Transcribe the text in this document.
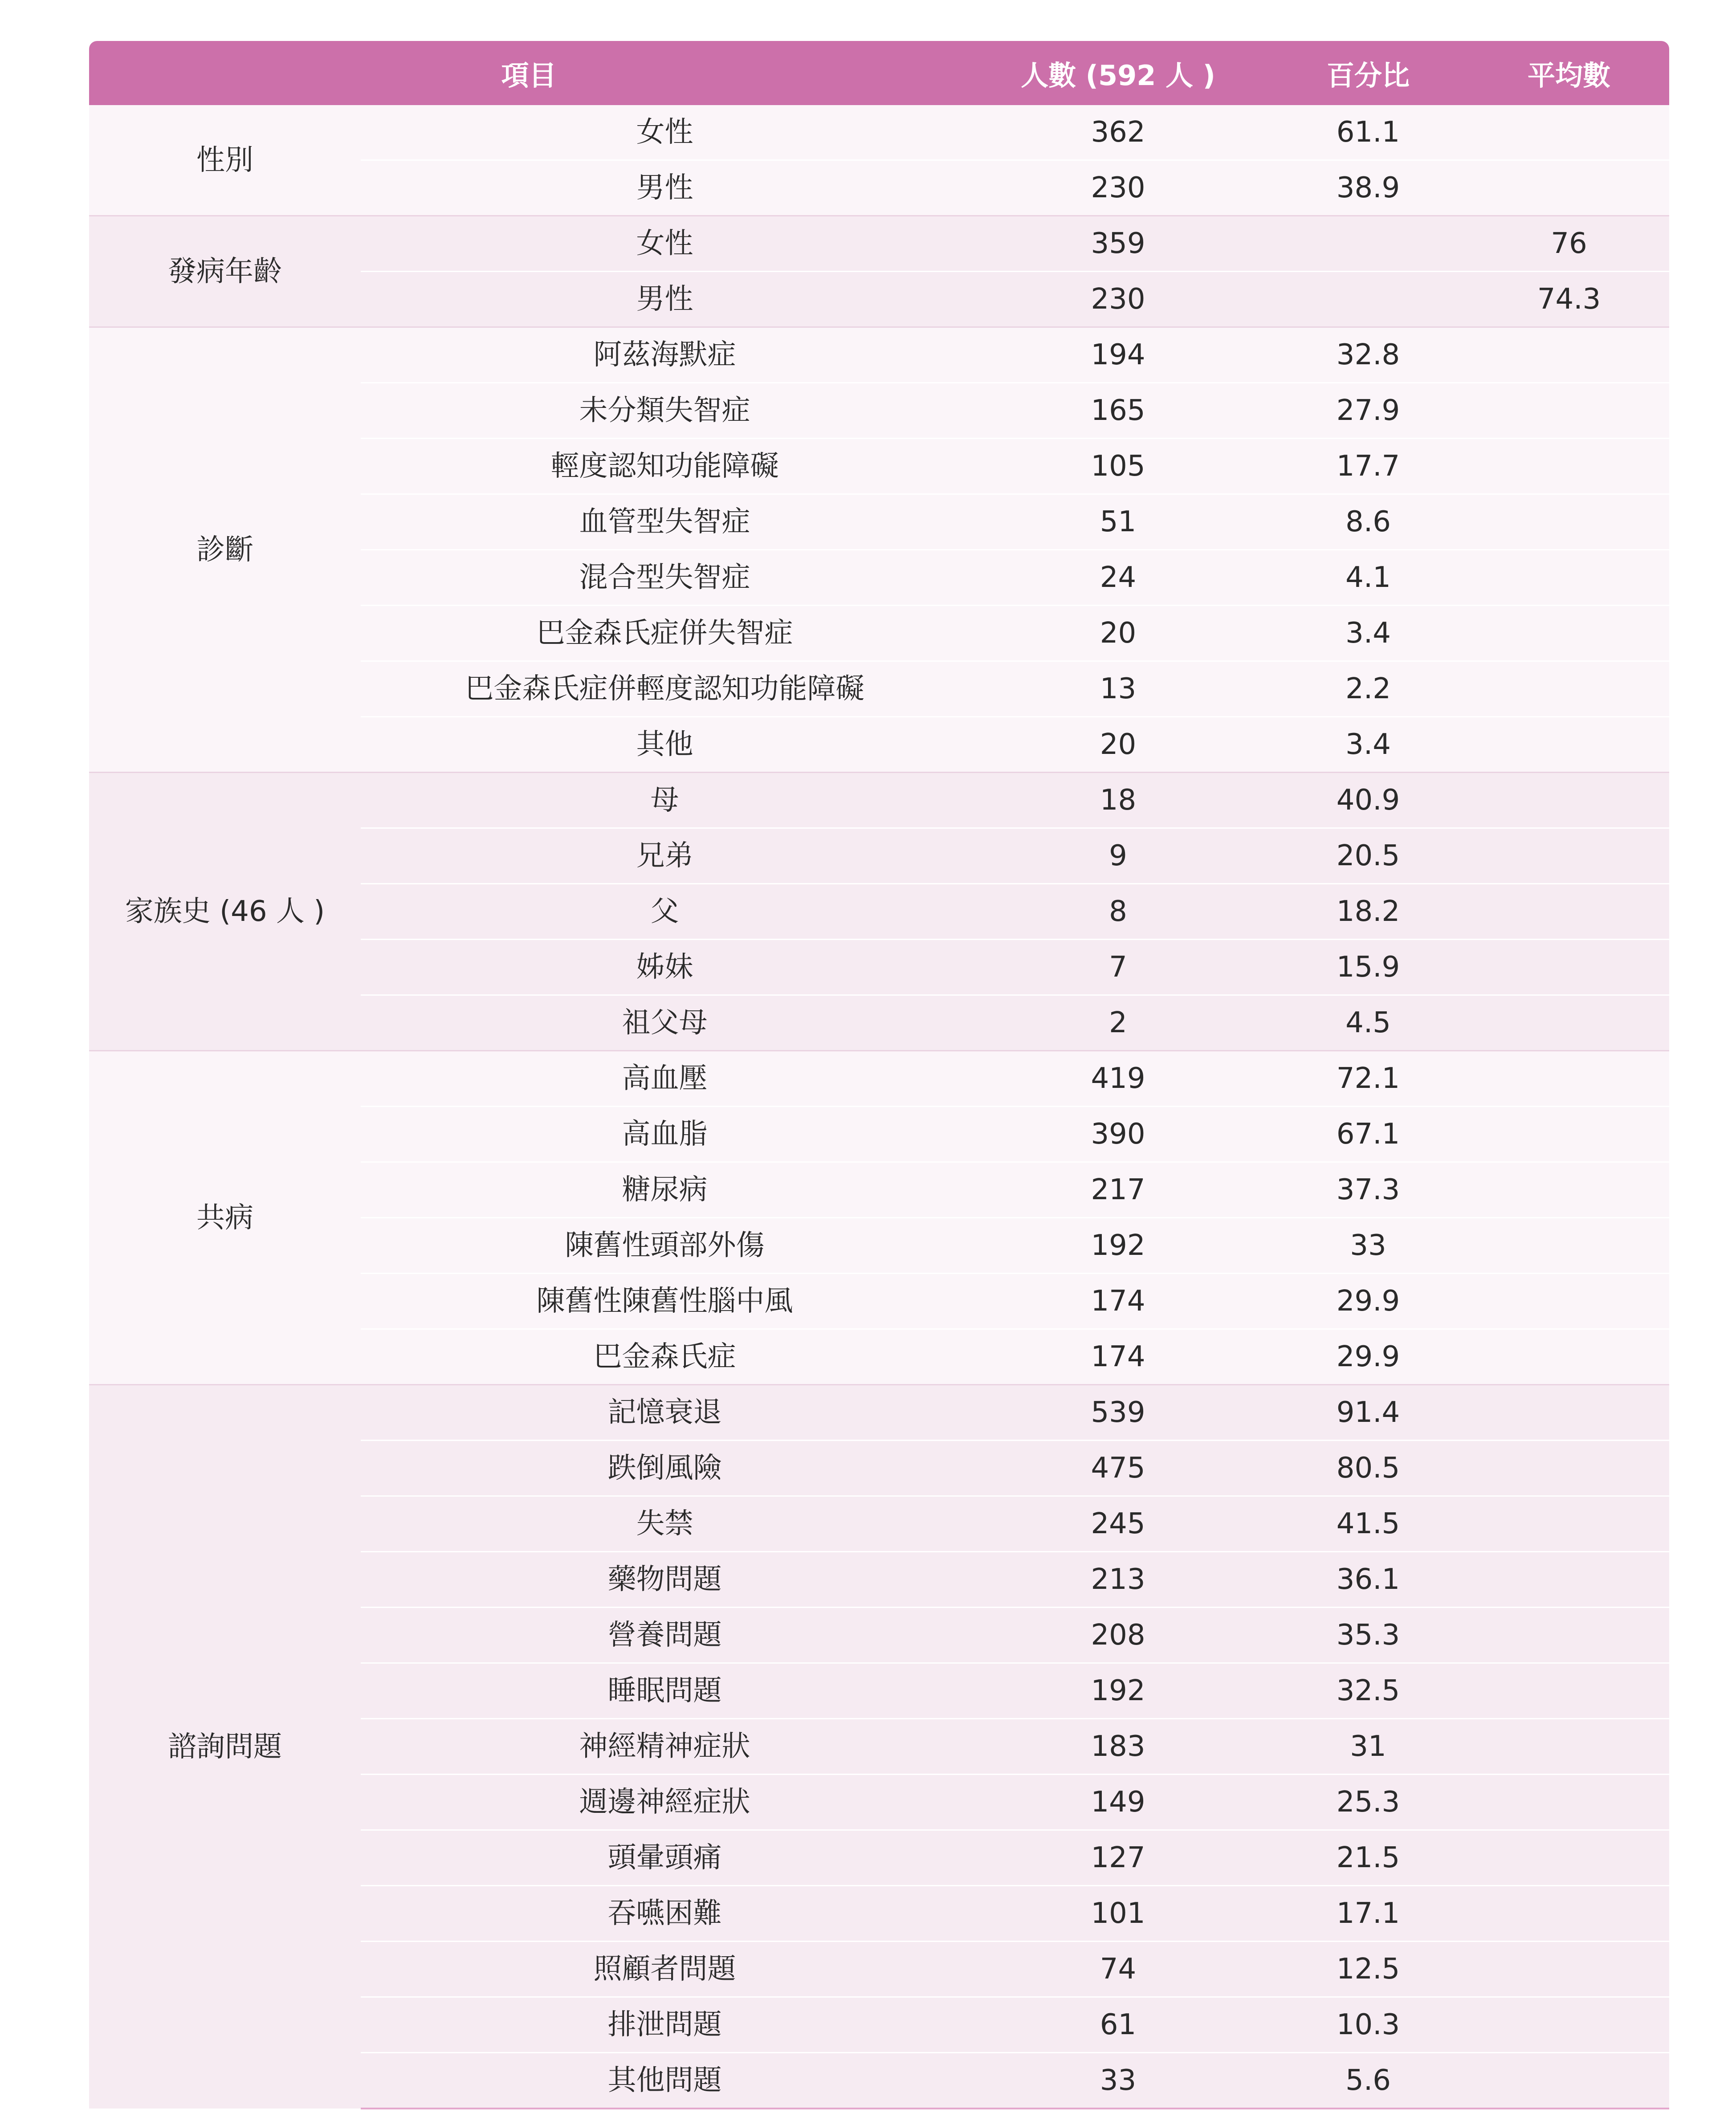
項目		人數 (592 人 )	百分比	平均數
性別	女性	362	61.1	
	男性	230	38.9	
發病年齡	女性	359		76
	男性	230		74.3
診斷	阿茲海默症	194	32.8	
	未分類失智症	165	27.9	
	輕度認知功能障礙	105	17.7	
	血管型失智症	51	8.6	
	混合型失智症	24	4.1	
	巴金森氏症併失智症	20	3.4	
	巴金森氏症併輕度認知功能障礙	13	2.2	
	其他	20	3.4	
家族史 (46 人 )	母	18	40.9	
	兄弟	9	20.5	
	父	8	18.2	
	姊妹	7	15.9	
	祖父母	2	4.5	
共病	高血壓	419	72.1	
	高血脂	390	67.1	
	糖尿病	217	37.3	
	陳舊性頭部外傷	192	33	
	陳舊性陳舊性腦中風	174	29.9	
	巴金森氏症	174	29.9	
諮詢問題	記憶衰退	539	91.4	
	跌倒風險	475	80.5	
	失禁	245	41.5	
	藥物問題	213	36.1	
	營養問題	208	35.3	
	睡眠問題	192	32.5	
	神經精神症狀	183	31	
	週邊神經症狀	149	25.3	
	頭暈頭痛	127	21.5	
	吞嚥困難	101	17.1	
	照顧者問題	74	12.5	
	排泄問題	61	10.3	
	其他問題	33	5.6	
